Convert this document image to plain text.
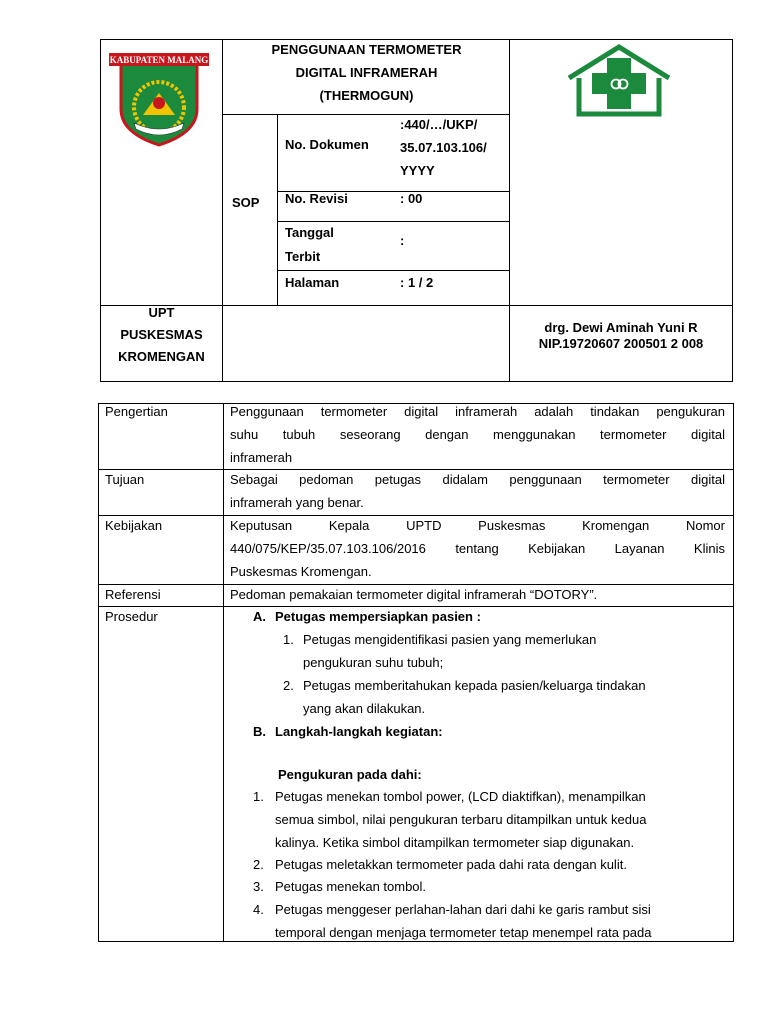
KABUPATEN MALANG
PENGGUNAAN TERMOMETER
DIGITAL INFRAMERAH
(THERMOGUN)
SOP
No. Dokumen
:440/…/UKP/
35.07.103.106/
YYYY
No. Revisi	: 00
Tanggal
Terbit
:
Halaman	: 1 / 2
UPT
PUSKESMAS
KROMENGAN
drg. Dewi Aminah Yuni R
NIP.19720607 200501 2 008
Pengertian	Penggunaan termometer digital inframerah adalah tindakan pengukuran
suhu tubuh seseorang dengan menggunakan termometer digital
inframerah
Tujuan	Sebagai pedoman petugas didalam penggunaan termometer digital
inframerah yang benar.
Kebijakan	Keputusan Kepala UPTD Puskesmas Kromengan Nomor
440/075/KEP/35.07.103.106/2016 tentang Kebijakan Layanan Klinis
Puskesmas Kromengan.
Referensi	Pedoman pemakaian termometer digital inframerah “DOTORY”.
Prosedur	A. Petugas mempersiapkan pasien :
1. Petugas mengidentifikasi pasien yang memerlukan
pengukuran suhu tubuh;
2. Petugas memberitahukan kepada pasien/keluarga tindakan
yang akan dilakukan.
B. Langkah-langkah kegiatan:
Pengukuran pada dahi:
1. Petugas menekan tombol power, (LCD diaktifkan), menampilkan
semua simbol, nilai pengukuran terbaru ditampilkan untuk kedua
kalinya. Ketika simbol ditampilkan termometer siap digunakan.
2. Petugas meletakkan termometer pada dahi rata dengan kulit.
3. Petugas menekan tombol.
4. Petugas menggeser perlahan-lahan dari dahi ke garis rambut sisi
temporal dengan menjaga termometer tetap menempel rata pada
